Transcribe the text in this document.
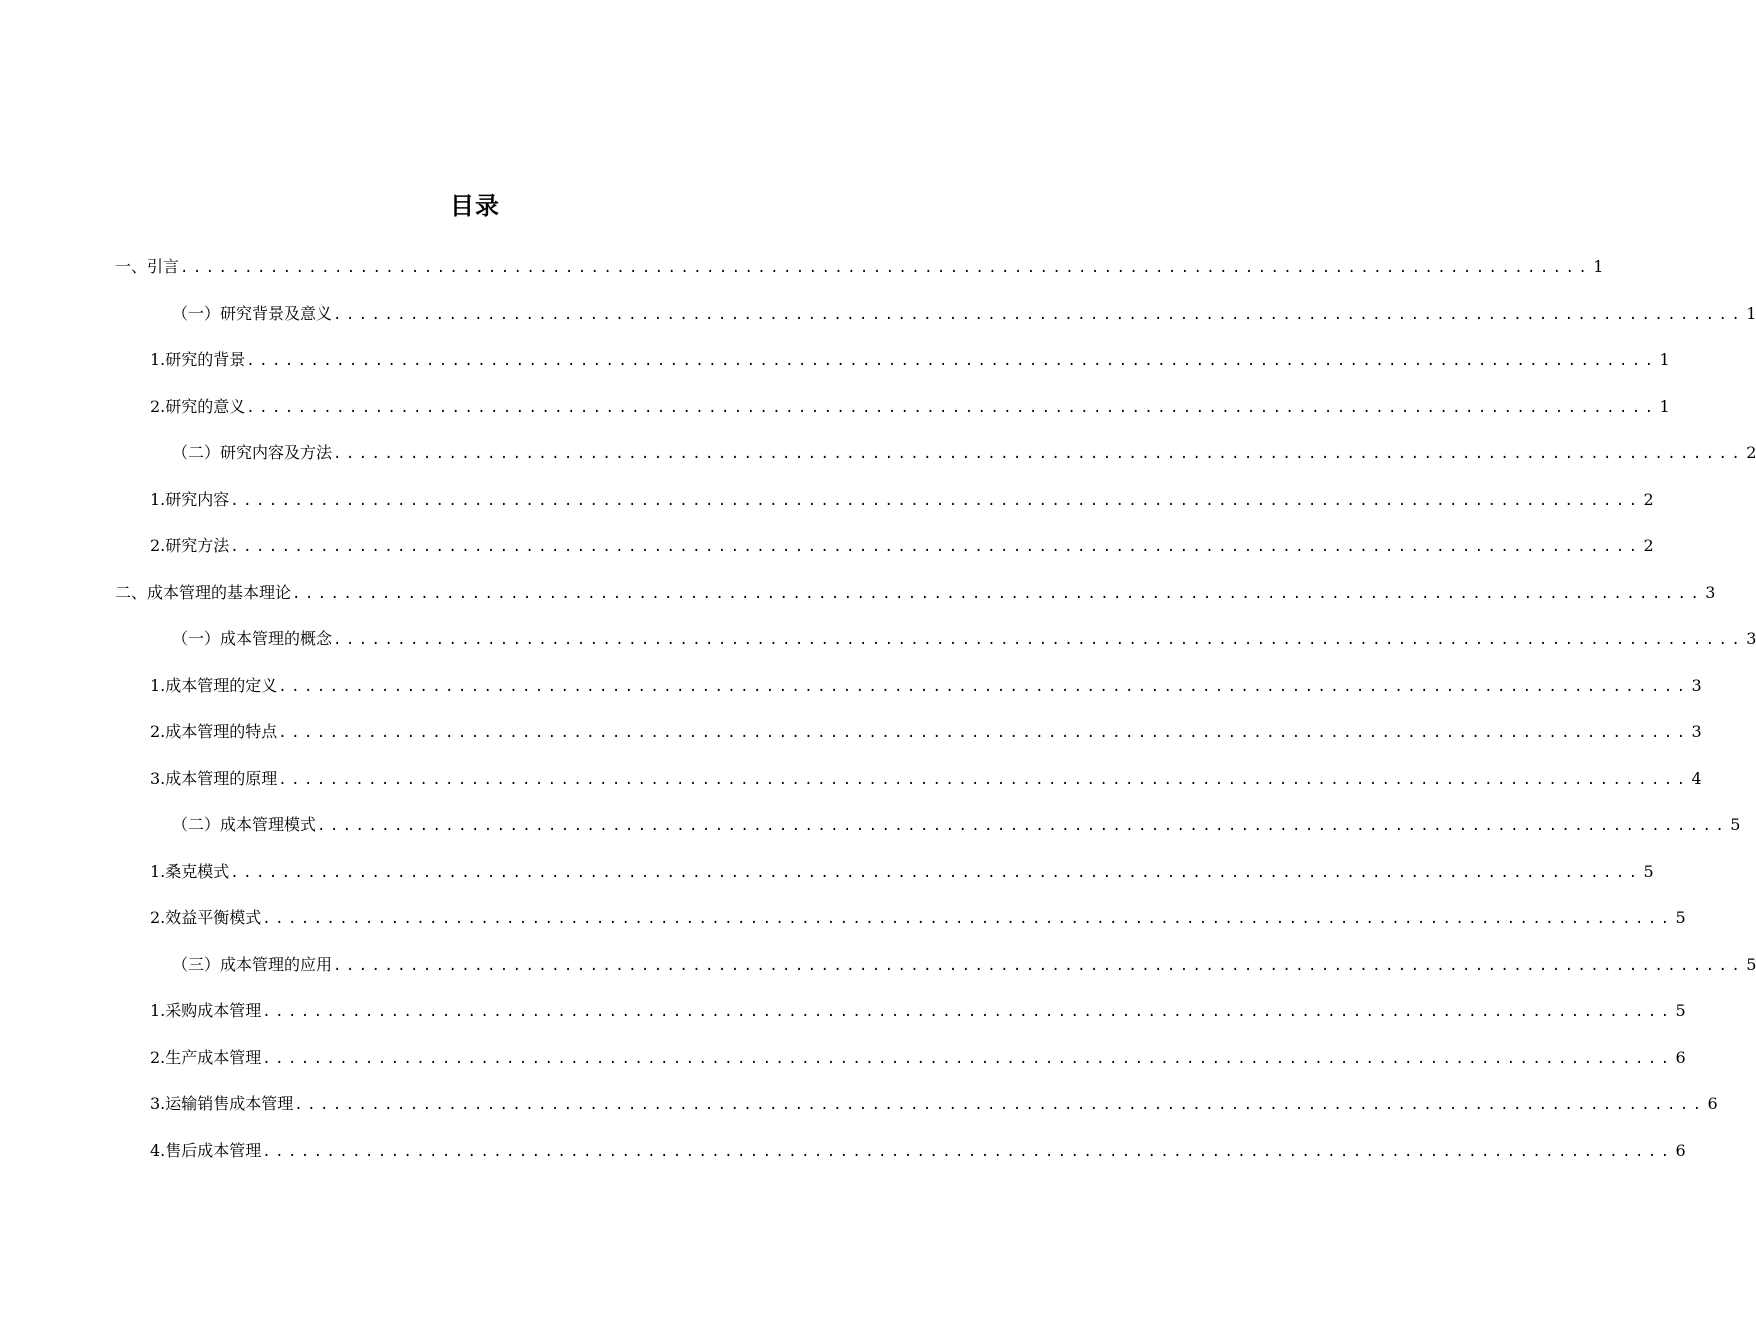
目录
一、引言 .............................................................................................................. 1
（一）研究背景及意义 .............................................................................................................. 1
1.研究的背景 .............................................................................................................. 1
2.研究的意义 .............................................................................................................. 1
（二）研究内容及方法 .............................................................................................................. 2
1.研究内容 .............................................................................................................. 2
2.研究方法 .............................................................................................................. 2
二、成本管理的基本理论 .............................................................................................................. 3
（一）成本管理的概念 .............................................................................................................. 3
1.成本管理的定义 .............................................................................................................. 3
2.成本管理的特点 .............................................................................................................. 3
3.成本管理的原理 .............................................................................................................. 4
（二）成本管理模式 .............................................................................................................. 5
1.桑克模式 .............................................................................................................. 5
2.效益平衡模式 .............................................................................................................. 5
（三）成本管理的应用 .............................................................................................................. 5
1.采购成本管理 .............................................................................................................. 5
2.生产成本管理 .............................................................................................................. 6
3.运输销售成本管理 .............................................................................................................. 6
4.售后成本管理 .............................................................................................................. 6
